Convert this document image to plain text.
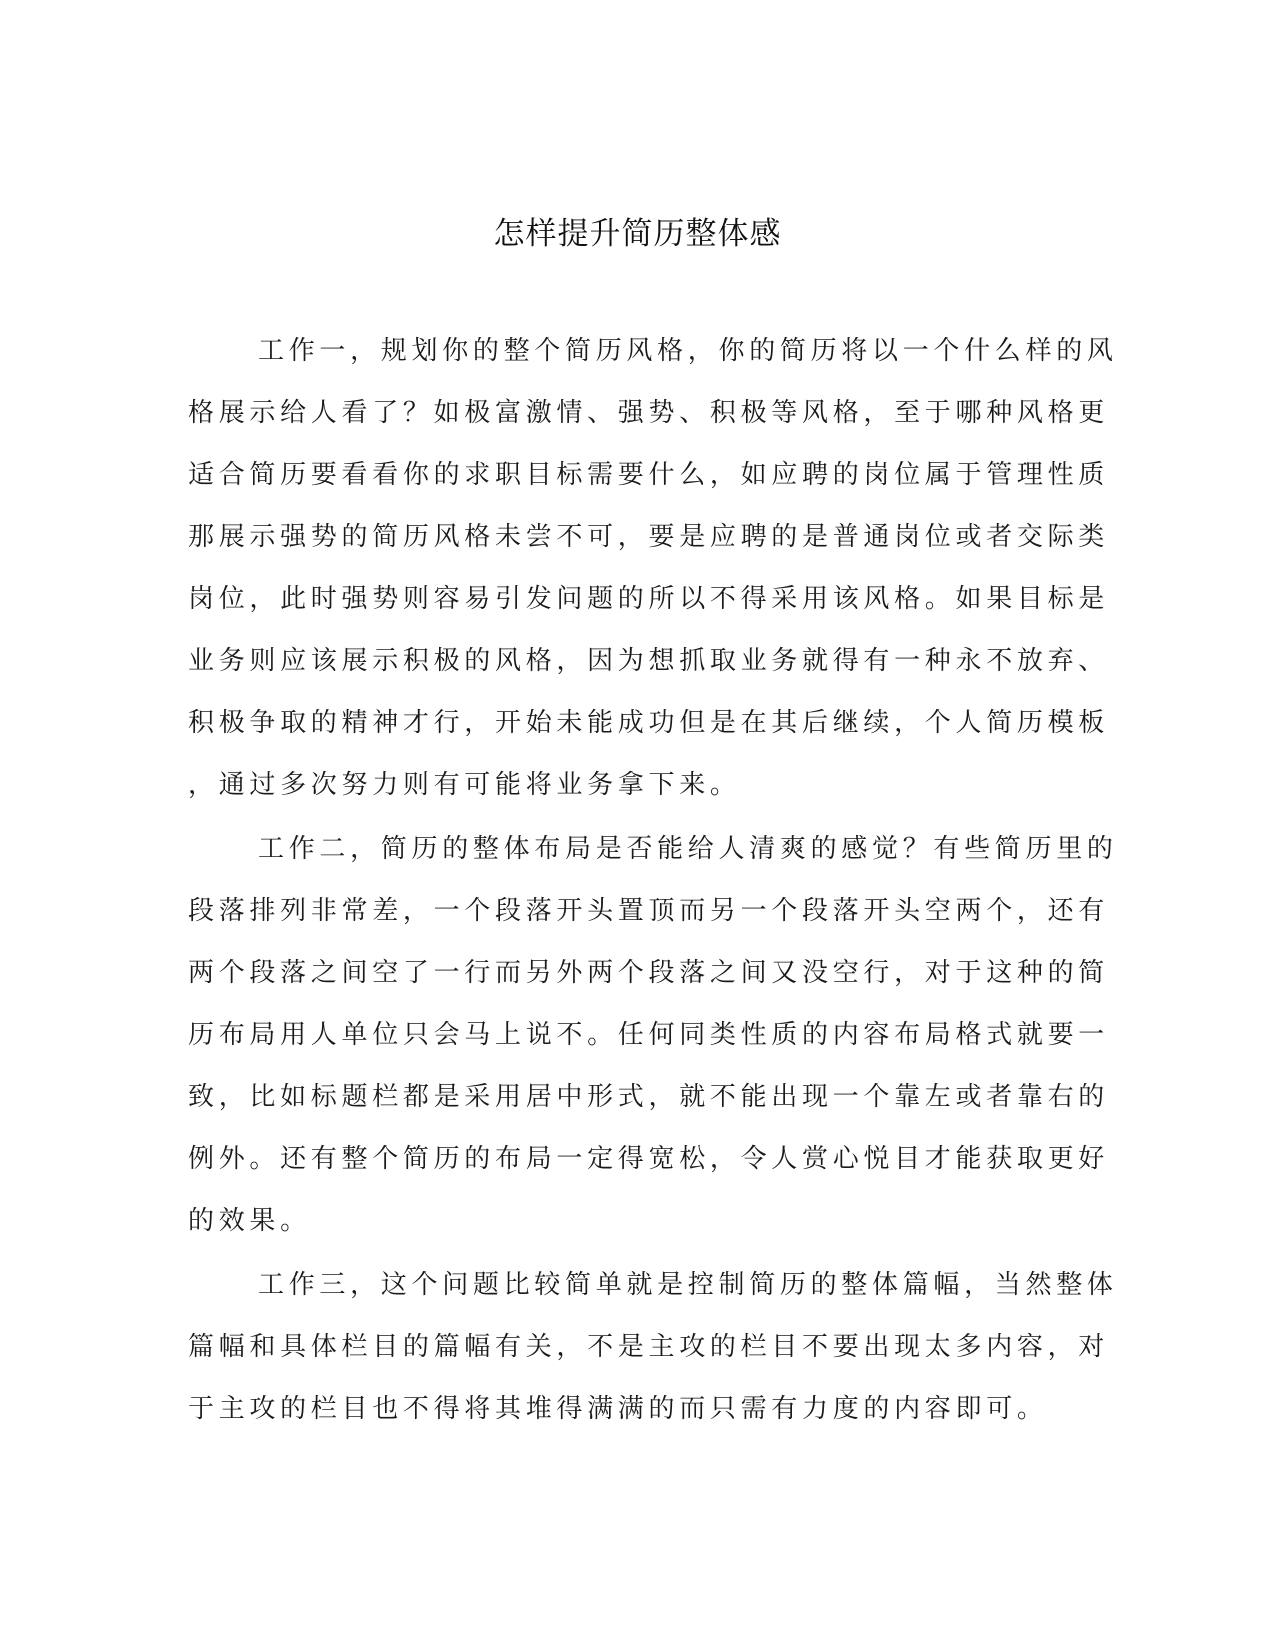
怎样提升简历整体感
工作一，规划你的整个简历风格，你的简历将以一个什么样的风
格展示给人看了？如极富激情、强势、积极等风格，至于哪种风格更
适合简历要看看你的求职目标需要什么，如应聘的岗位属于管理性质
那展示强势的简历风格未尝不可，要是应聘的是普通岗位或者交际类
岗位，此时强势则容易引发问题的所以不得采用该风格。如果目标是
业务则应该展示积极的风格，因为想抓取业务就得有一种永不放弃、
积极争取的精神才行，开始未能成功但是在其后继续，个人简历模板
，通过多次努力则有可能将业务拿下来。
工作二，简历的整体布局是否能给人清爽的感觉？有些简历里的
段落排列非常差，一个段落开头置顶而另一个段落开头空两个，还有
两个段落之间空了一行而另外两个段落之间又没空行，对于这种的简
历布局用人单位只会马上说不。任何同类性质的内容布局格式就要一
致，比如标题栏都是采用居中形式，就不能出现一个靠左或者靠右的
例外。还有整个简历的布局一定得宽松，令人赏心悦目才能获取更好
的效果。
工作三，这个问题比较简单就是控制简历的整体篇幅，当然整体
篇幅和具体栏目的篇幅有关，不是主攻的栏目不要出现太多内容，对
于主攻的栏目也不得将其堆得满满的而只需有力度的内容即可。
